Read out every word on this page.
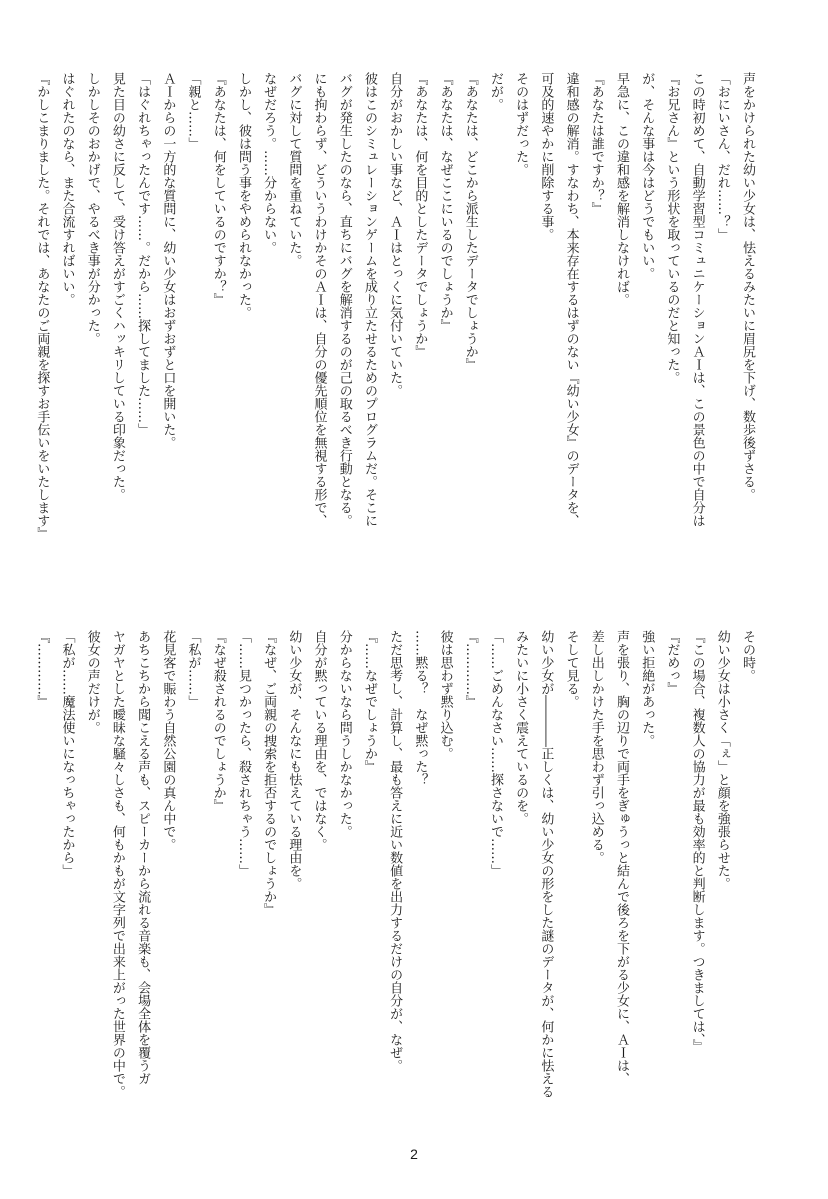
声をかけられた幼い少女は、怯えるみたいに眉尻を下げ、数歩後ずさる。
「おにいさん、だれ……？」
この時初めて、自動学習型コミュニケーションＡＩは、この景色の中で自分は
『お兄さん』という形状を取っているのだと知った。
が、そんな事は今はどうでもいい。
早急に、この違和感を解消しなければ。
『あなたは誰ですか？』
違和感の解消。すなわち、本来存在するはずのない『幼い少女』のデータを、
可及的速やかに削除する事。
そのはずだった。
だが。
『あなたは、どこから派生したデータでしょうか』
『あなたは、なぜここにいるのでしょうか』
『あなたは、何を目的としたデータでしょうか』
自分がおかしい事など、ＡＩはとっくに気付いていた。
彼はこのシミュレーションゲームを成り立たせるためのプログラムだ。そこに
バグが発生したのなら、直ちにバグを解消するのが己の取るべき行動となる。
にも拘わらず、どういうわけかそのＡＩは、自分の優先順位を無視する形で、
バグに対して質問を重ねていた。
なぜだろう。……分からない。
しかし、彼は問う事をやめられなかった。
『あなたは、何をしているのですか？』
「親と……」
ＡＩからの一方的な質問に、幼い少女はおずおずと口を開いた。
「はぐれちゃったんです……。だから……探してました……」
見た目の幼さに反して、受け答えがすごくハッキリしている印象だった。
しかしそのおかげで、やるべき事が分かった。
はぐれたのなら、また合流すればいい。
『かしこまりました。それでは、あなたのご両親を探すお手伝いをいたします』
その時。
幼い少女は小さく「ぇ」と顔を強張らせた。
『この場合、複数人の協力が最も効率的と判断します。つきましては、』
『だめっ』
強い拒絶があった。
声を張り、胸の辺りで両手をぎゅうっと結んで後ろを下がる少女に、ＡＩは、
差し出しかけた手を思わず引っ込める。
そして見る。
幼い少女が――――正しくは、幼い少女の形をした謎のデータが、何かに怯える
みたいに小さく震えているのを。
「……ごめんなさい……探さないで……」
『…………』
彼は思わず黙り込む。
……黙る？　なぜ黙った？
ただ思考し、計算し、最も答えに近い数値を出力するだけの自分が、なぜ。
『……なぜでしょうか』
分からないなら問うしかなかった。
自分が黙っている理由を、ではなく。
幼い少女が、そんなにも怯えている理由を。
『なぜ、ご両親の捜索を拒否するのでしょうか』
「……見つかったら、殺されちゃう……」
『なぜ殺されるのでしょうか』
「私が……」
花見客で賑わう自然公園の真ん中で。
あちこちから聞こえる声も、スピーカーから流れる音楽も、会場全体を覆うガ
ヤガヤとした曖昧な騒々しさも、何もかもが文字列で出来上がった世界の中で。
彼女の声だけが。
「私が……魔法使いになっちゃったから」
『…………』
2
